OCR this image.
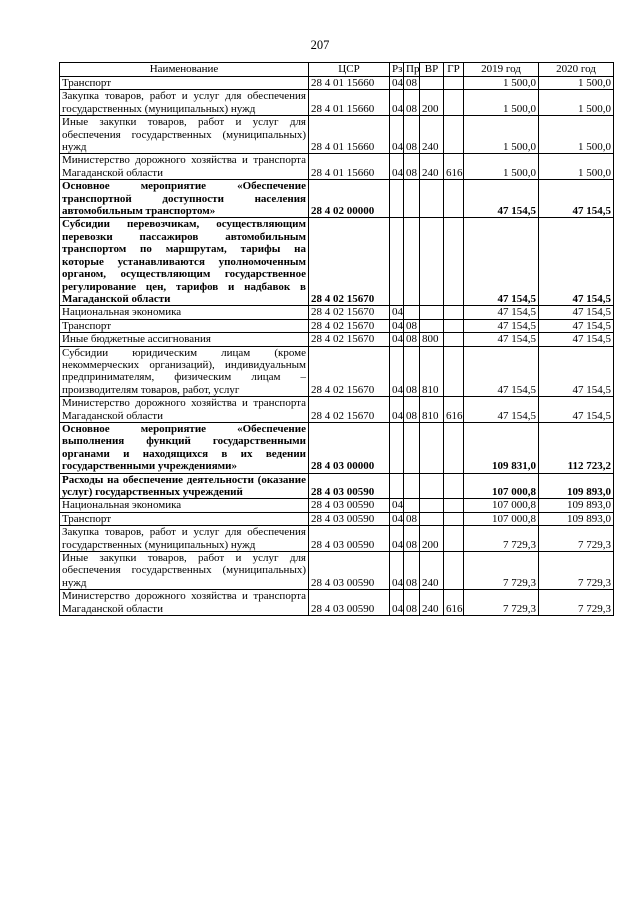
207
Наименование	ЦСР	Рз	Пр	ВР	ГР	2019 год	2020 год
Транспорт	28 4 01 15660	04	08			1 500,0	1 500,0
Закупка товаров, работ и услуг для обеспечения государственных (муниципальных) нужд	28 4 01 15660	04	08	200		1 500,0	1 500,0
Иные закупки товаров, работ и услуг для обеспечения государственных (муниципальных) нужд	28 4 01 15660	04	08	240		1 500,0	1 500,0
Министерство дорожного хозяйства и транспорта Магаданской области	28 4 01 15660	04	08	240	616	1 500,0	1 500,0
Основное мероприятие «Обеспечение транспортной доступности населения автомобильным транспортом»	28 4 02 00000					47 154,5	47 154,5
Субсидии перевозчикам, осуществляющим перевозки пассажиров автомобильным транспортом по маршрутам, тарифы на которые устанавливаются уполномоченным органом, осуществляющим государственное регулирование цен, тарифов и надбавок в Магаданской области	28 4 02 15670					47 154,5	47 154,5
Национальная экономика	28 4 02 15670	04				47 154,5	47 154,5
Транспорт	28 4 02 15670	04	08			47 154,5	47 154,5
Иные бюджетные ассигнования	28 4 02 15670	04	08	800		47 154,5	47 154,5
Субсидии юридическим лицам (кроме некоммерческих организаций), индивидуальным предпринимателям, физическим лицам – производителям товаров, работ, услуг	28 4 02 15670	04	08	810		47 154,5	47 154,5
Министерство дорожного хозяйства и транспорта Магаданской области	28 4 02 15670	04	08	810	616	47 154,5	47 154,5
Основное мероприятие «Обеспечение выполнения функций государственными органами и находящихся в их ведении государственными учреждениями»	28 4 03 00000					109 831,0	112 723,2
Расходы на обеспечение деятельности (оказание услуг) государственных учреждений	28 4 03 00590					107 000,8	109 893,0
Национальная экономика	28 4 03 00590	04				107 000,8	109 893,0
Транспорт	28 4 03 00590	04	08			107 000,8	109 893,0
Закупка товаров, работ и услуг для обеспечения государственных (муниципальных) нужд	28 4 03 00590	04	08	200		7 729,3	7 729,3
Иные закупки товаров, работ и услуг для обеспечения государственных (муниципальных) нужд	28 4 03 00590	04	08	240		7 729,3	7 729,3
Министерство дорожного хозяйства и транспорта Магаданской области	28 4 03 00590	04	08	240	616	7 729,3	7 729,3
